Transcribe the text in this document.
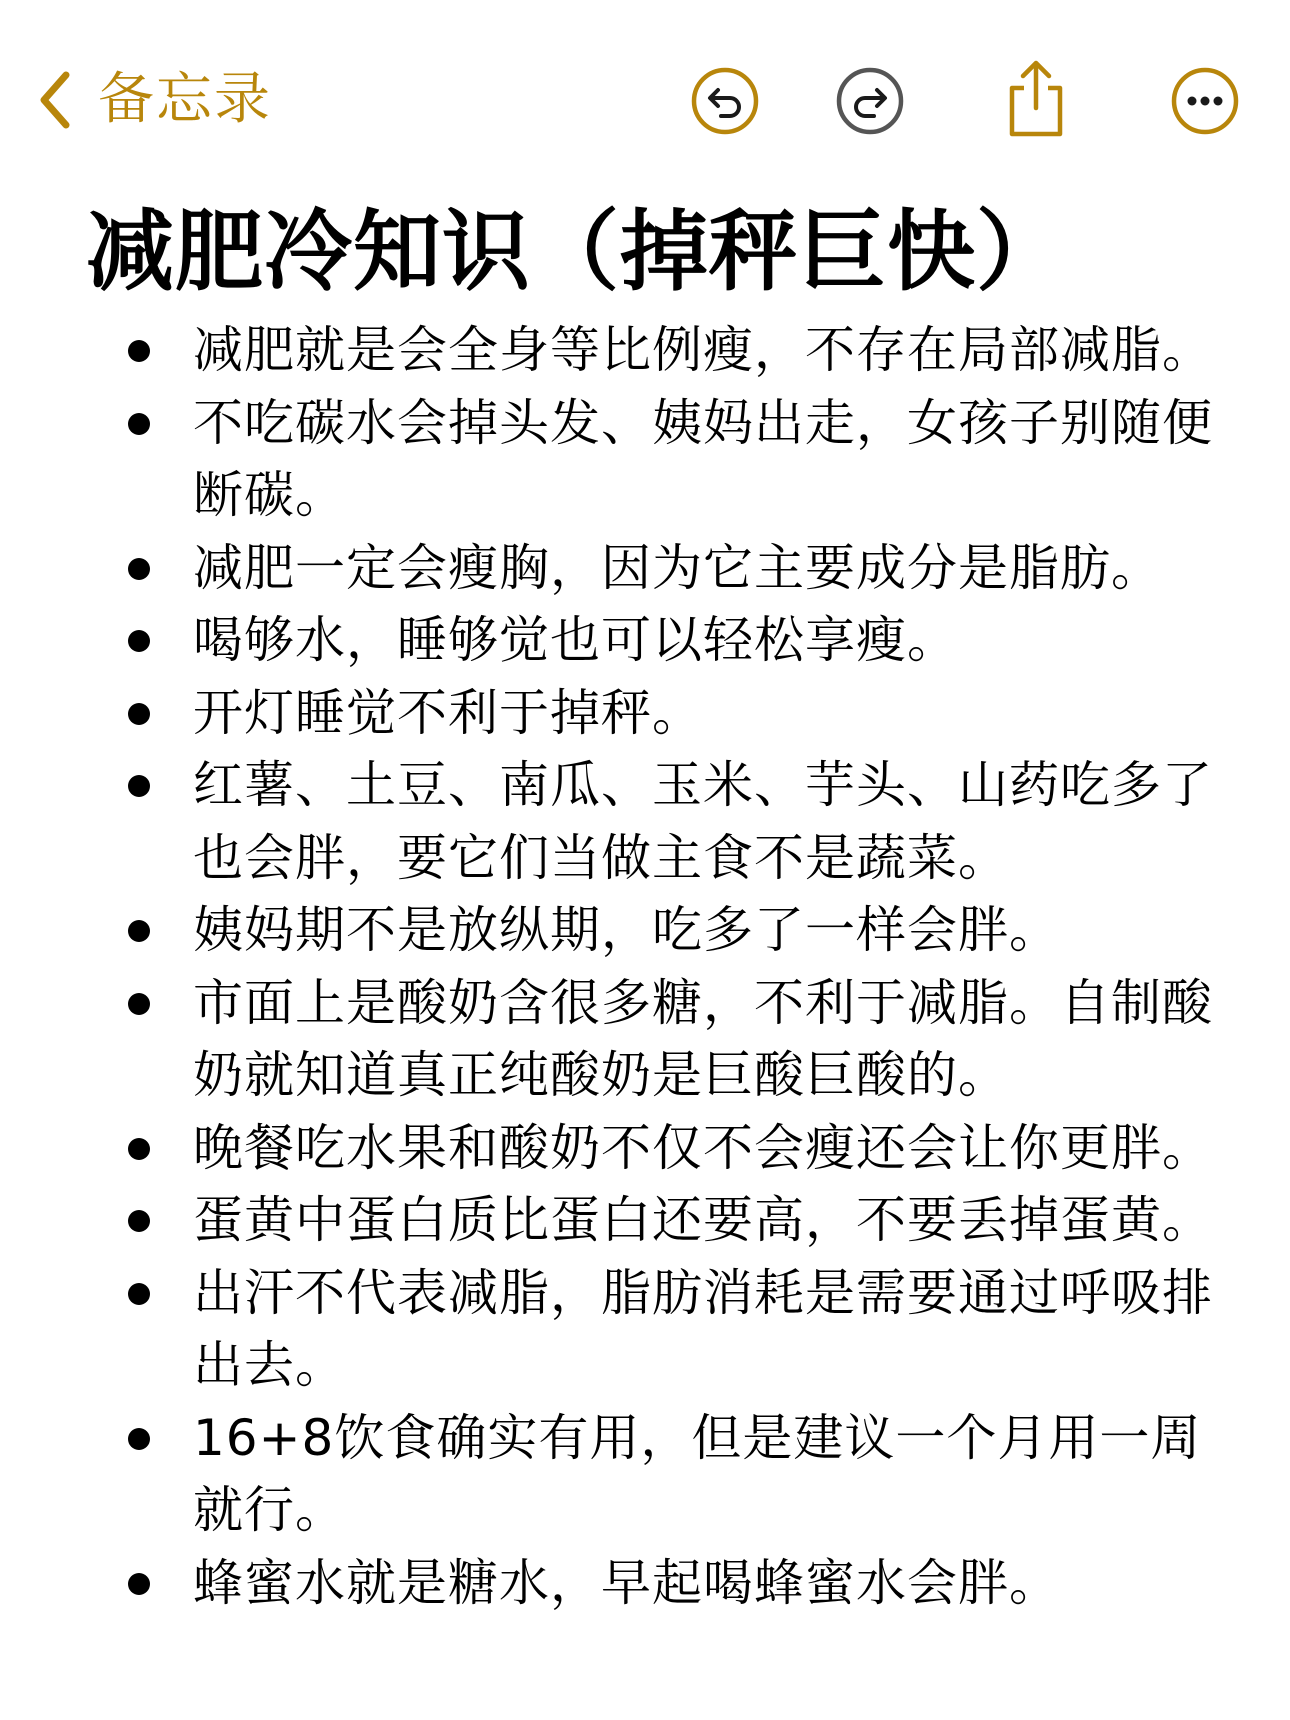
备忘录
减肥冷知识（掉秤巨快）
减肥就是会全身等比例瘦，不存在局部减脂。
不吃碳水会掉头发、姨妈出走，女孩子别随便断碳。
减肥一定会瘦胸，因为它主要成分是脂肪。
喝够水，睡够觉也可以轻松享瘦。
开灯睡觉不利于掉秤。
红薯、土豆、南瓜、玉米、芋头、山药吃多了也会胖，要它们当做主食不是蔬菜。
姨妈期不是放纵期，吃多了一样会胖。
市面上是酸奶含很多糖，不利于减脂。自制酸奶就知道真正纯酸奶是巨酸巨酸的。
晚餐吃水果和酸奶不仅不会瘦还会让你更胖。
蛋黄中蛋白质比蛋白还要高，不要丢掉蛋黄。
出汗不代表减脂，脂肪消耗是需要通过呼吸排出去。
16+8饮食确实有用，但是建议一个月用一周就行。
蜂蜜水就是糖水，早起喝蜂蜜水会胖。
